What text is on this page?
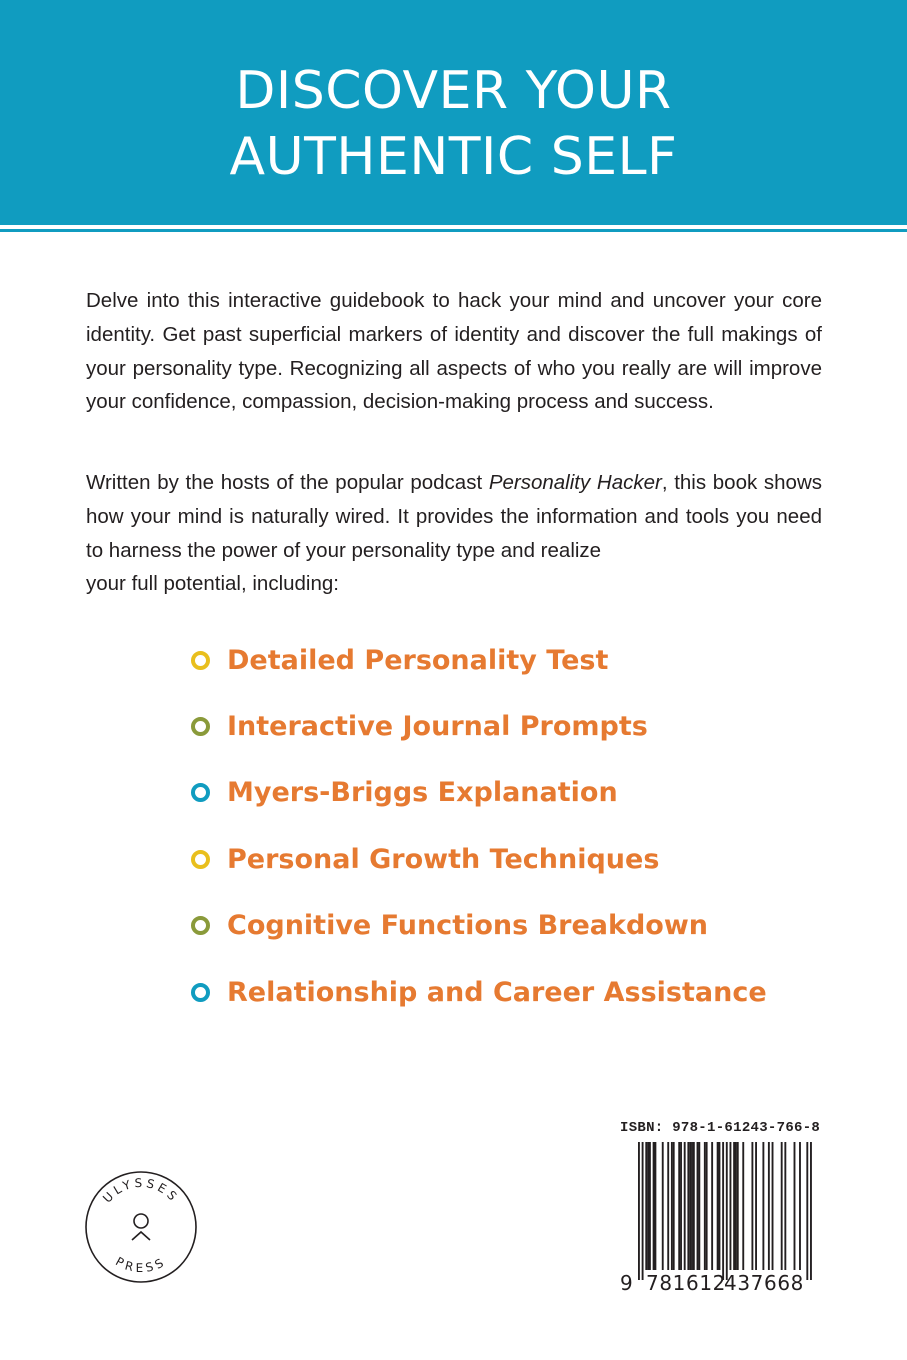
DISCOVER YOUR
AUTHENTIC SELF

Delve into this interactive guidebook to hack your mind and uncover your core identity. Get past superficial markers of identity and discover the full makings of your personality type. Recognizing all aspects of who you really are will improve your confidence, compassion, decision-making process and success.

Written by the hosts of the popular podcast Personality Hacker, this book shows how your mind is naturally wired. It provides the information and tools you need to harness the power of your personality type and realize
your full potential, including:

Detailed Personality Test
Interactive Journal Prompts
Myers-Briggs Explanation
Personal Growth Techniques
Cognitive Functions Breakdown
Relationship and Career Assistance
ULYSSES
PRESS
ISBN: 978-1-61243-766-8
9 781612
437668
